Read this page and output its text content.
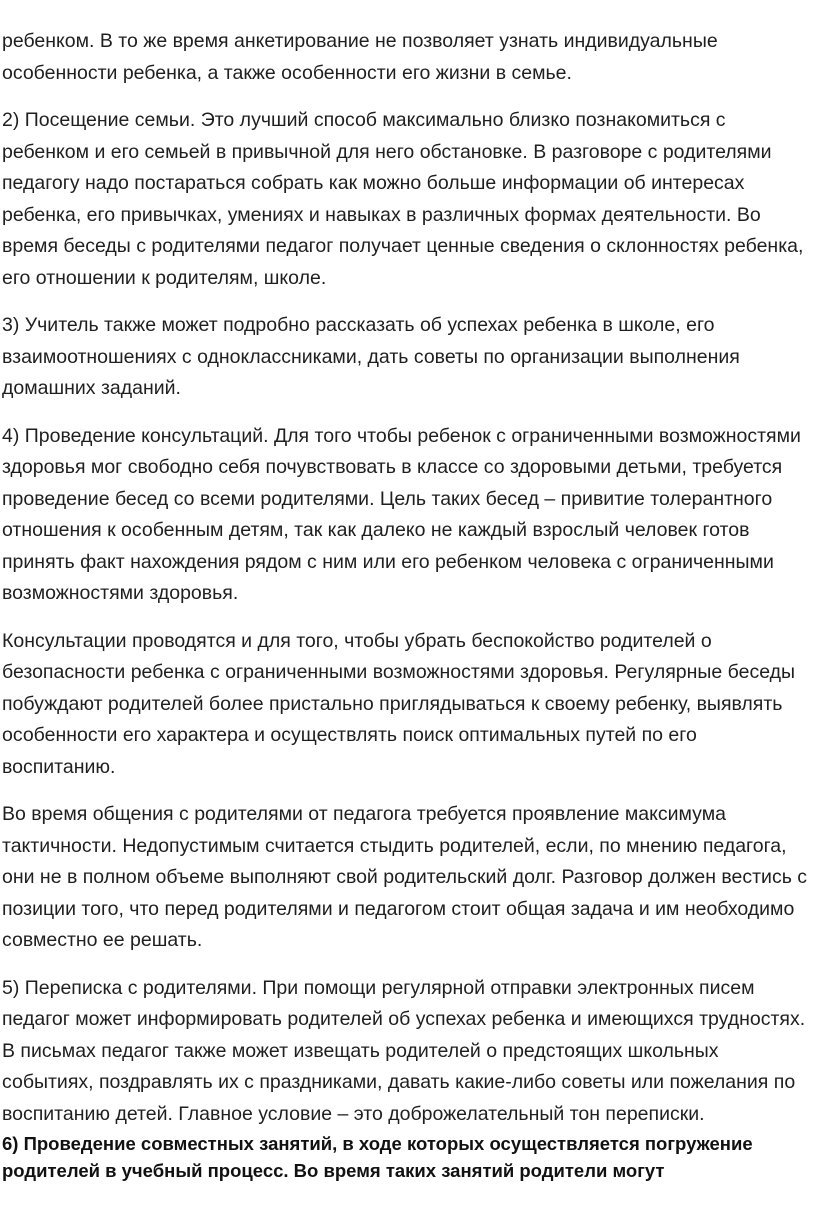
ребенком. В то же время анкетирование не позволяет узнать индивидуальные особенности ребенка, а также особенности его жизни в семье.

2) Посещение семьи. Это лучший способ максимально близко познакомиться с ребенком и его семьей в привычной для него обстановке. В разговоре с родителями педагогу надо постараться собрать как можно больше информации об интересах ребенка, его привычках, умениях и навыках в различных формах деятельности. Во время беседы с родителями педагог получает ценные сведения о склонностях ребенка, его отношении к родителям, школе.

3) Учитель также может подробно рассказать об успехах ребенка в школе, его взаимоотношениях с одноклассниками, дать советы по организации выполнения домашних заданий.

4) Проведение консультаций. Для того чтобы ребенок с ограниченными возможностями здоровья мог свободно себя почувствовать в классе со здоровыми детьми, требуется проведение бесед со всеми родителями. Цель таких бесед – привитие толерантного отношения к особенным детям, так как далеко не каждый взрослый человек готов принять факт нахождения рядом с ним или его ребенком человека с ограниченными возможностями здоровья.

Консультации проводятся и для того, чтобы убрать беспокойство родителей о безопасности ребенка с ограниченными возможностями здоровья. Регулярные беседы побуждают родителей более пристально приглядываться к своему ребенку, выявлять особенности его характера и осуществлять поиск оптимальных путей по его воспитанию.

Во время общения с родителями от педагога требуется проявление максимума тактичности. Недопустимым считается стыдить родителей, если, по мнению педагога, они не в полном объеме выполняют свой родительский долг. Разговор должен вестись с позиции того, что перед родителями и педагогом стоит общая задача и им необходимо совместно ее решать.

5) Переписка с родителями. При помощи регулярной отправки электронных писем педагог может информировать родителей об успехах ребенка и имеющихся трудностях. В письмах педагог также может извещать родителей о предстоящих школьных событиях, поздравлять их с праздниками, давать какие-либо советы или пожелания по воспитанию детей. Главное условие – это доброжелательный тон переписки.

6) Проведение совместных занятий, в ходе которых осуществляется погружение родителей в учебный процесс. Во время таких занятий родители могут
